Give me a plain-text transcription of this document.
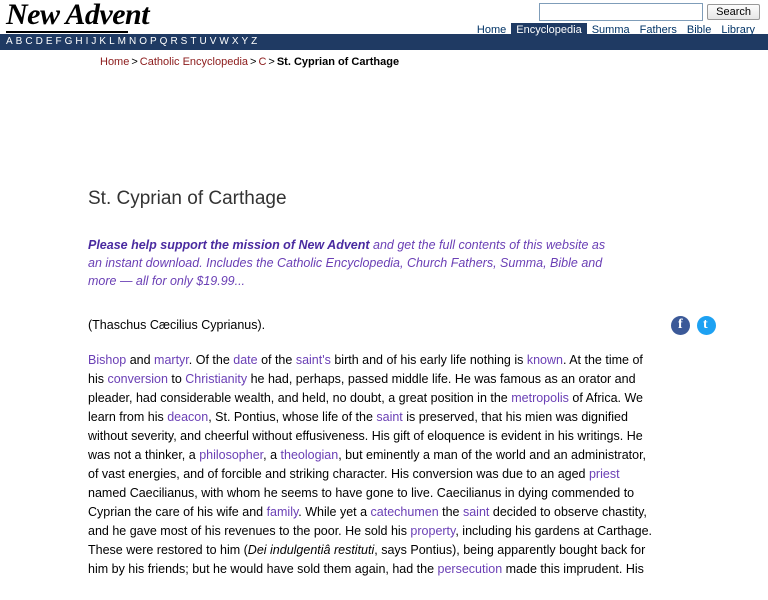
New Advent	Search
Home Encyclopedia Summa Fathers Bible Library
A B C D E F G H I J K L M N O P Q R S T U V W X Y Z
Home > Catholic Encyclopedia > C > St. Cyprian of Carthage
St. Cyprian of Carthage
Please help support the mission of New Advent and get the full contents of this website as an instant download. Includes the Catholic Encyclopedia, Church Fathers, Summa, Bible and more — all for only $19.99...
f
t

(Thaschus Cæcilius Cyprianus).

Bishop and martyr. Of the date of the saint's birth and of his early life nothing is known. At the time of his conversion to Christianity he had, perhaps, passed middle life. He was famous as an orator and pleader, had considerable wealth, and held, no doubt, a great position in the metropolis of Africa. We learn from his deacon, St. Pontius, whose life of the saint is preserved, that his mien was dignified without severity, and cheerful without effusiveness. His gift of eloquence is evident in his writings. He was not a thinker, a philosopher, a theologian, but eminently a man of the world and an administrator, of vast energies, and of forcible and striking character. His conversion was due to an aged priest named Caecilianus, with whom he seems to have gone to live. Caecilianus in dying commended to Cyprian the care of his wife and family. While yet a catechumen the saint decided to observe chastity, and he gave most of his revenues to the poor. He sold his property, including his gardens at Carthage. These were restored to him (Dei indulgentiâ restituti, says Pontius), being apparently bought back for him by his friends; but he would have sold them again, had the persecution made this imprudent. His
